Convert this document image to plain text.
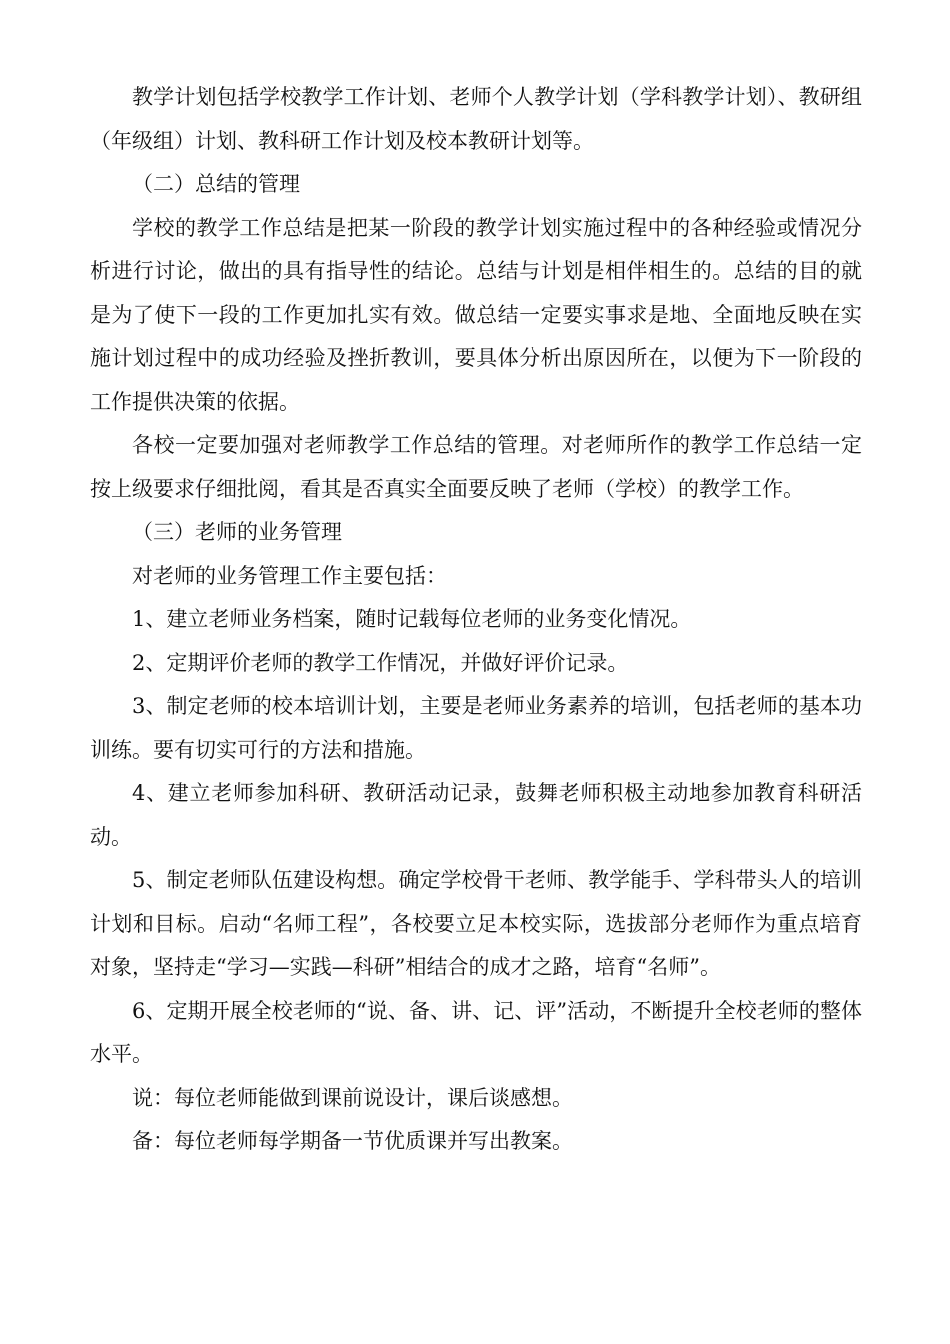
教学计划包括学校教学工作计划、老师个人教学计划（学科教学计划）、教研组（年级组）计划、教科研工作计划及校本教研计划等。

（二）总结的管理

学校的教学工作总结是把某一阶段的教学计划实施过程中的各种经验或情况分析进行讨论，做出的具有指导性的结论。总结与计划是相伴相生的。总结的目的就是为了使下一段的工作更加扎实有效。做总结一定要实事求是地、全面地反映在实施计划过程中的成功经验及挫折教训，要具体分析出原因所在，以便为下一阶段的工作提供决策的依据。

各校一定要加强对老师教学工作总结的管理。对老师所作的教学工作总结一定按上级要求仔细批阅，看其是否真实全面要反映了老师（学校）的教学工作。

（三）老师的业务管理

对老师的业务管理工作主要包括：

1、建立老师业务档案，随时记载每位老师的业务变化情况。

2、定期评价老师的教学工作情况，并做好评价记录。

3、制定老师的校本培训计划，主要是老师业务素养的培训，包括老师的基本功训练。要有切实可行的方法和措施。

4、建立老师参加科研、教研活动记录，鼓舞老师积极主动地参加教育科研活动。

5、制定老师队伍建设构想。确定学校骨干老师、教学能手、学科带头人的培训计划和目标。启动“名师工程”，各校要立足本校实际，选拔部分老师作为重点培育对象，坚持走“学习—实践—科研”相结合的成才之路，培育“名师”。

6、定期开展全校老师的“说、备、讲、记、评”活动，不断提升全校老师的整体水平。

说：每位老师能做到课前说设计，课后谈感想。

备：每位老师每学期备一节优质课并写出教案。
